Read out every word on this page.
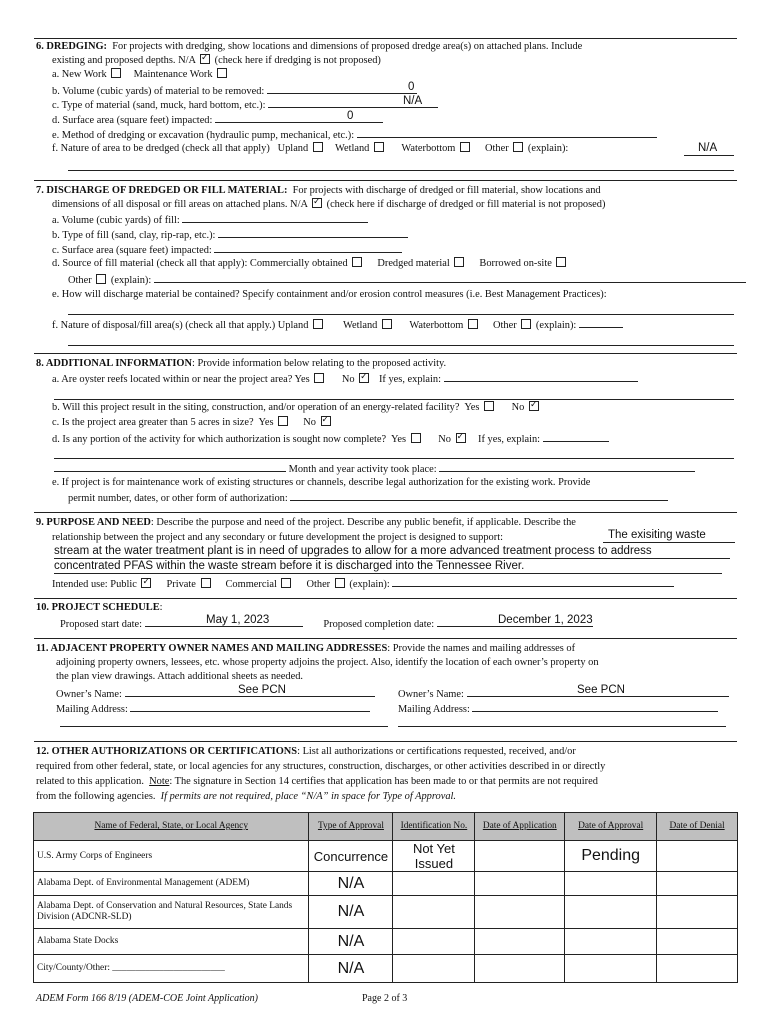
6. DREDGING: For projects with dredging, show locations and dimensions of proposed dredge area(s) on attached plans. Include
existing and proposed depths. N/A ✓ (check here if dredging is not proposed)
a. New Work	Maintenance Work
b. Volume (cubic yards) of material to be removed:	0
c. Type of material (sand, muck, hard bottom, etc.):	N/A
d. Surface area (square feet) impacted:	0
e. Method of dredging or excavation (hydraulic pump, mechanical, etc.):
f. Nature of area to be dredged (check all that apply) Upland	Wetland	Waterbottom	Other (explain):	N/A
7. DISCHARGE OF DREDGED OR FILL MATERIAL: For projects with discharge of dredged or fill material, show locations and
dimensions of all disposal or fill areas on attached plans. N/A ✓ (check here if discharge of dredged or fill material is not proposed)
a. Volume (cubic yards) of fill:
b. Type of fill (sand, clay, rip-rap, etc.):
c. Surface area (square feet) impacted:
d. Source of fill material (check all that apply): Commercially obtained	Dredged material	Borrowed on-site
Other (explain):
e. How will discharge material be contained? Specify containment and/or erosion control measures (i.e. Best Management Practices):
f. Nature of disposal/fill area(s) (check all that apply.) Upland	Wetland	Waterbottom	Other (explain):
8. ADDITIONAL INFORMATION: Provide information below relating to the proposed activity.
a. Are oyster reefs located within or near the project area? Yes	No ✓ If yes, explain:
b. Will this project result in the siting, construction, and/or operation of an energy-related facility? Yes	No ✓
c. Is the project area greater than 5 acres in size? Yes	No ✓
d. Is any portion of the activity for which authorization is sought now complete? Yes	No ✓	If yes, explain:
Month and year activity took place:
e. If project is for maintenance work of existing structures or channels, describe legal authorization for the existing work. Provide
permit number, dates, or other form of authorization:
9. PURPOSE AND NEED: Describe the purpose and need of the project. Describe any public benefit, if applicable. Describe the
relationship between the project and any secondary or future development the project is designed to support:	The exisiting waste
stream at the water treatment plant is in need of upgrades to allow for a more advanced treatment process to address
concentrated PFAS within the waste stream before it is discharged into the Tennessee River.
Intended use: Public ✓	Private	Commercial	Other (explain):
10. PROJECT SCHEDULE:
Proposed start date:	Proposed completion date:
May 1, 2023	December 1, 2023
11. ADJACENT PROPERTY OWNER NAMES AND MAILING ADDRESSES: Provide the names and mailing addresses of
adjoining property owners, lessees, etc. whose property adjoins the project. Also, identify the location of each owner’s property on
the plan view drawings. Attach additional sheets as needed.
Owner’s Name:	See PCN	Owner’s Name:	See PCN
Mailing Address:	Mailing Address:
12. OTHER AUTHORIZATIONS OR CERTIFICATIONS: List all authorizations or certifications requested, received, and/or
required from other federal, state, or local agencies for any structures, construction, discharges, or other activities described in or directly
related to this application. Note: The signature in Section 14 certifies that application has been made to or that permits are not required
from the following agencies. If permits are not required, place “N/A” in space for Type of Approval.
Name of Federal, State, or Local Agency	Type of Approval	Identification No.	Date of Application	Date of Approval	Date of Denial
U.S. Army Corps of Engineers	Concurrence	Not Yet Issued		Pending	
Alabama Dept. of Environmental Management (ADEM)	N/A				
Alabama Dept. of Conservation and Natural Resources, State Lands Division (ADCNR-SLD)	N/A				
Alabama State Docks	N/A				
City/County/Other: ________________________	N/A				
ADEM Form 166 8/19 (ADEM-COE Joint Application)	Page 2 of 3
